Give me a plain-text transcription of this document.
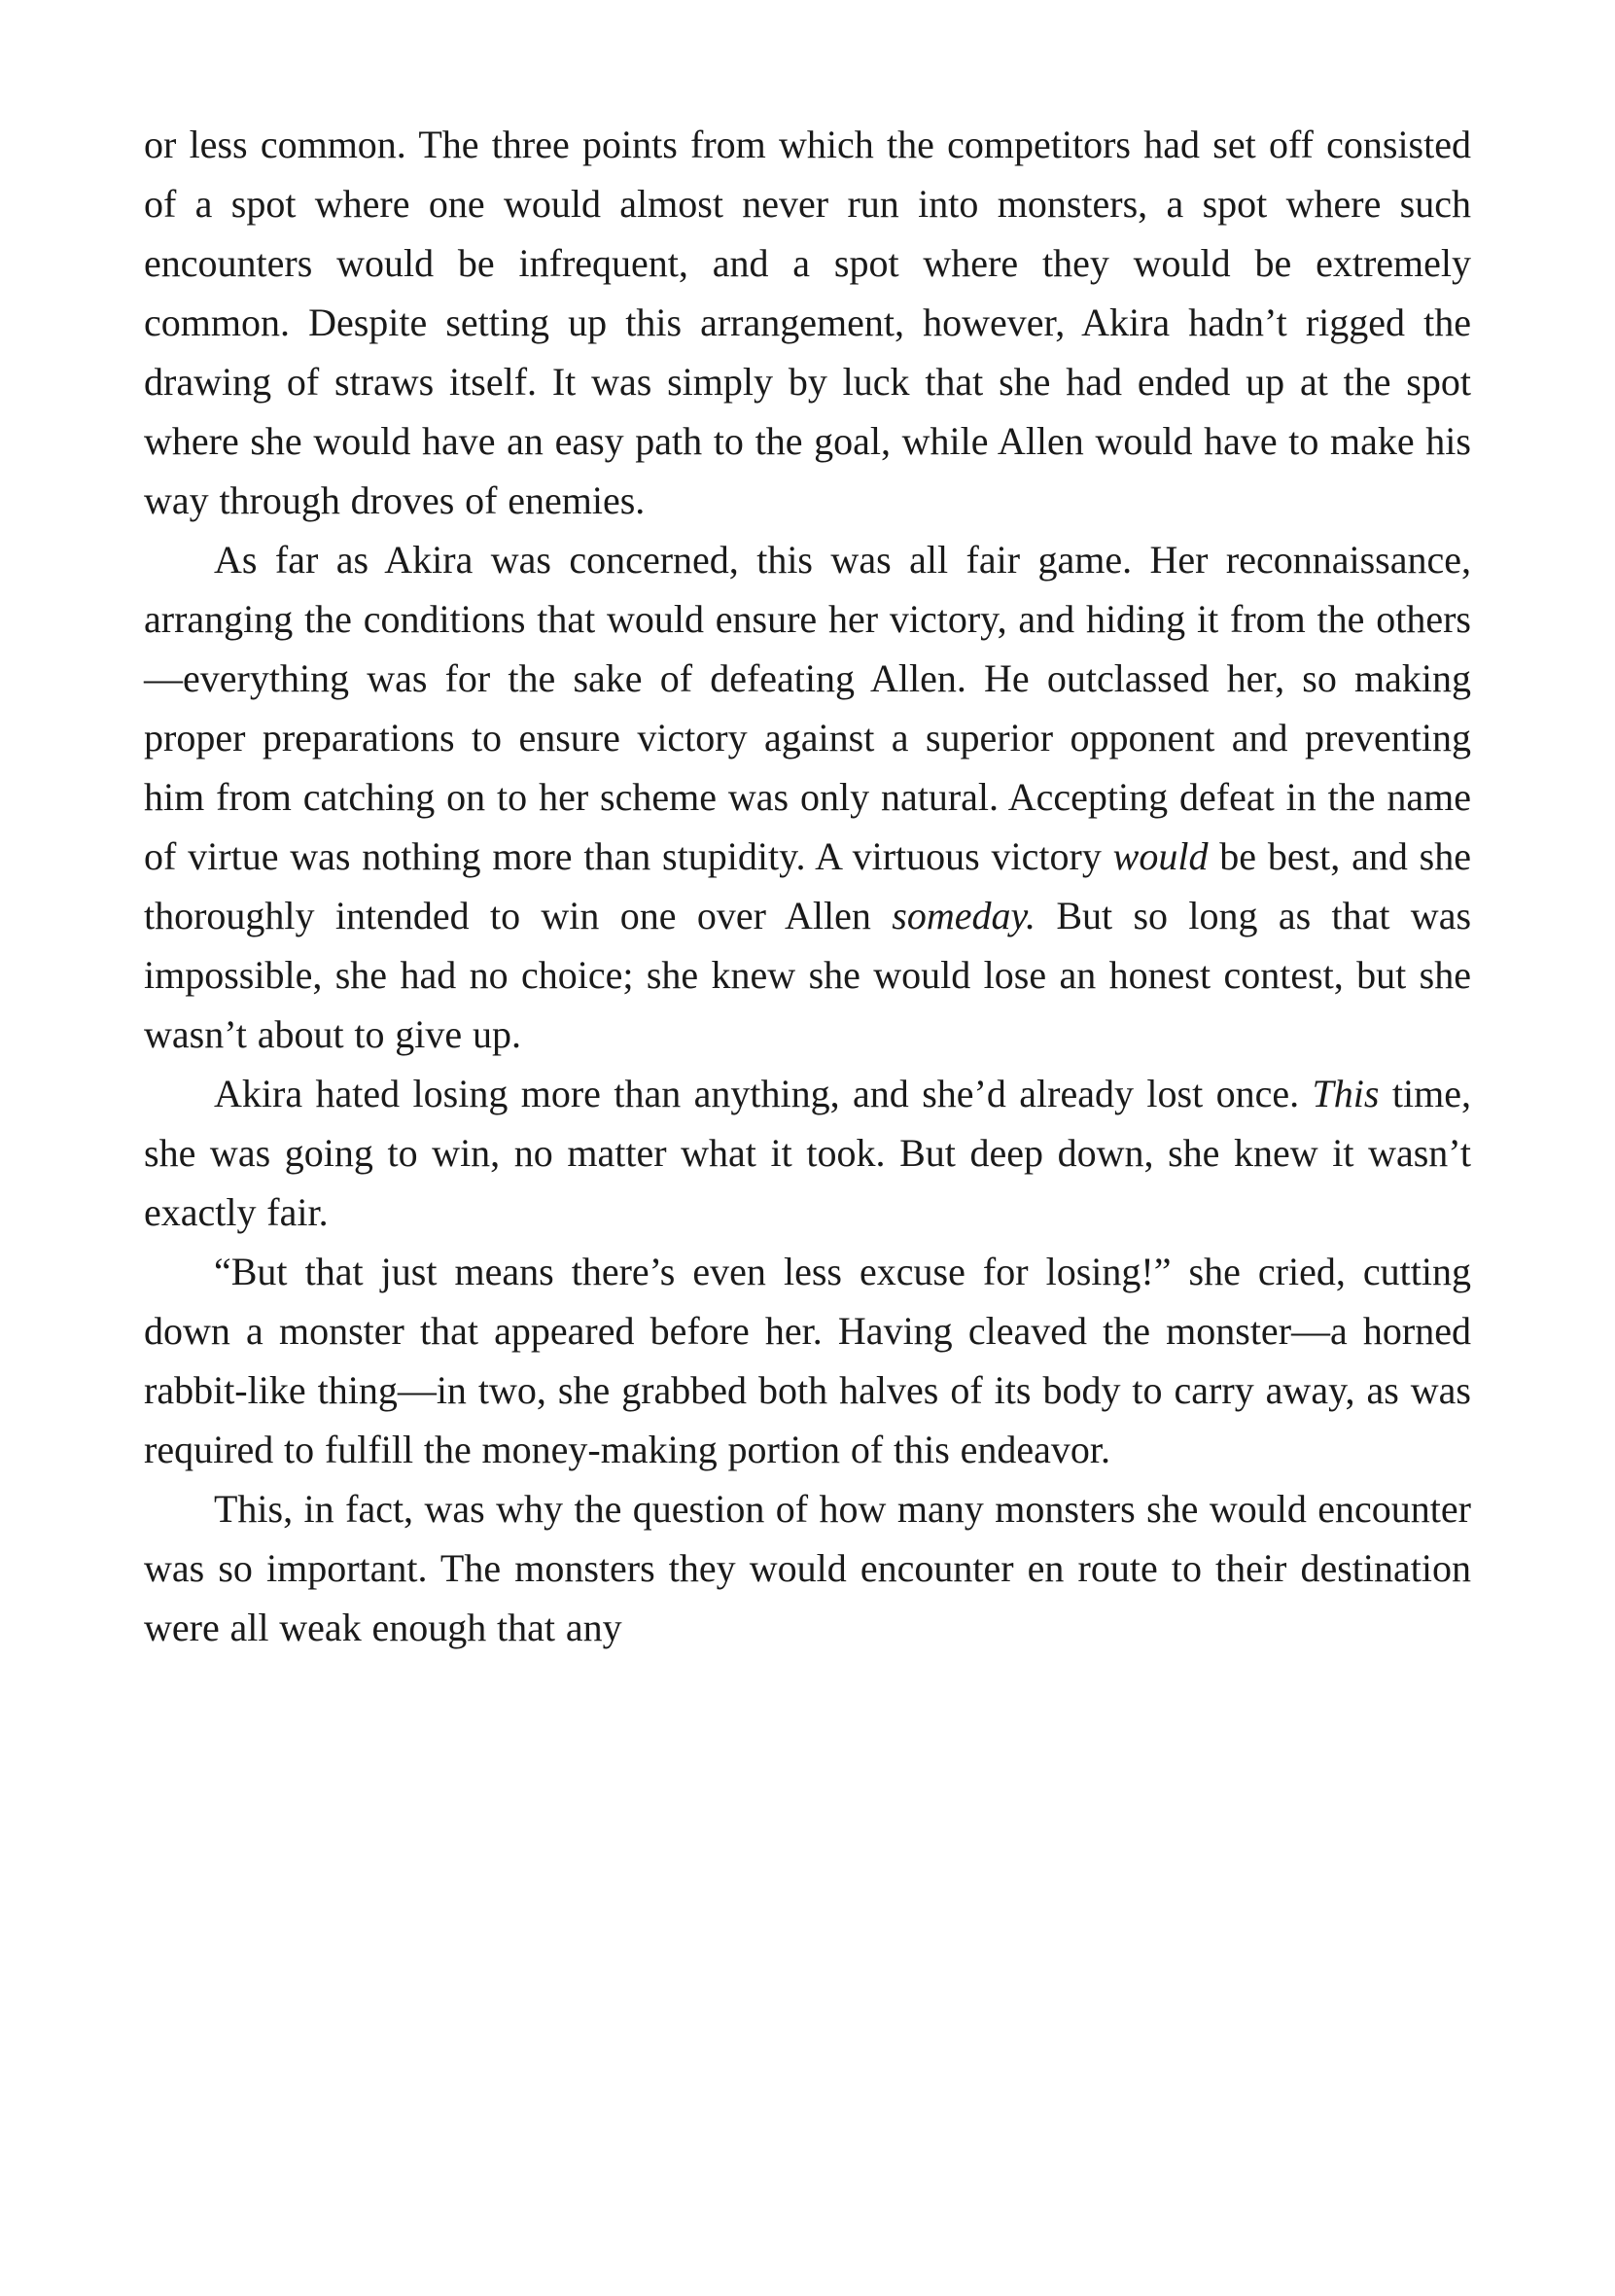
or less common. The three points from which the competitors had set off consisted of a spot where one would almost never run into monsters, a spot where such encounters would be infrequent, and a spot where they would be extremely common. Despite setting up this arrangement, however, Akira hadn’t rigged the drawing of straws itself. It was simply by luck that she had ended up at the spot where she would have an easy path to the goal, while Allen would have to make his way through droves of enemies.

As far as Akira was concerned, this was all fair game. Her reconnaissance, arranging the conditions that would ensure her victory, and hiding it from the others—everything was for the sake of defeating Allen. He outclassed her, so making proper preparations to ensure victory against a superior opponent and preventing him from catching on to her scheme was only natural. Accepting defeat in the name of virtue was nothing more than stupidity. A virtuous victory would be best, and she thoroughly intended to win one over Allen someday. But so long as that was impossible, she had no choice; she knew she would lose an honest contest, but she wasn’t about to give up.

Akira hated losing more than anything, and she’d already lost once. This time, she was going to win, no matter what it took. But deep down, she knew it wasn’t exactly fair.

“But that just means there’s even less excuse for losing!” she cried, cutting down a monster that appeared before her. Having cleaved the monster—a horned rabbit-like thing—in two, she grabbed both halves of its body to carry away, as was required to fulfill the money-making portion of this endeavor.

This, in fact, was why the question of how many monsters she would encounter was so important. The monsters they would encounter en route to their destination were all weak enough that any
